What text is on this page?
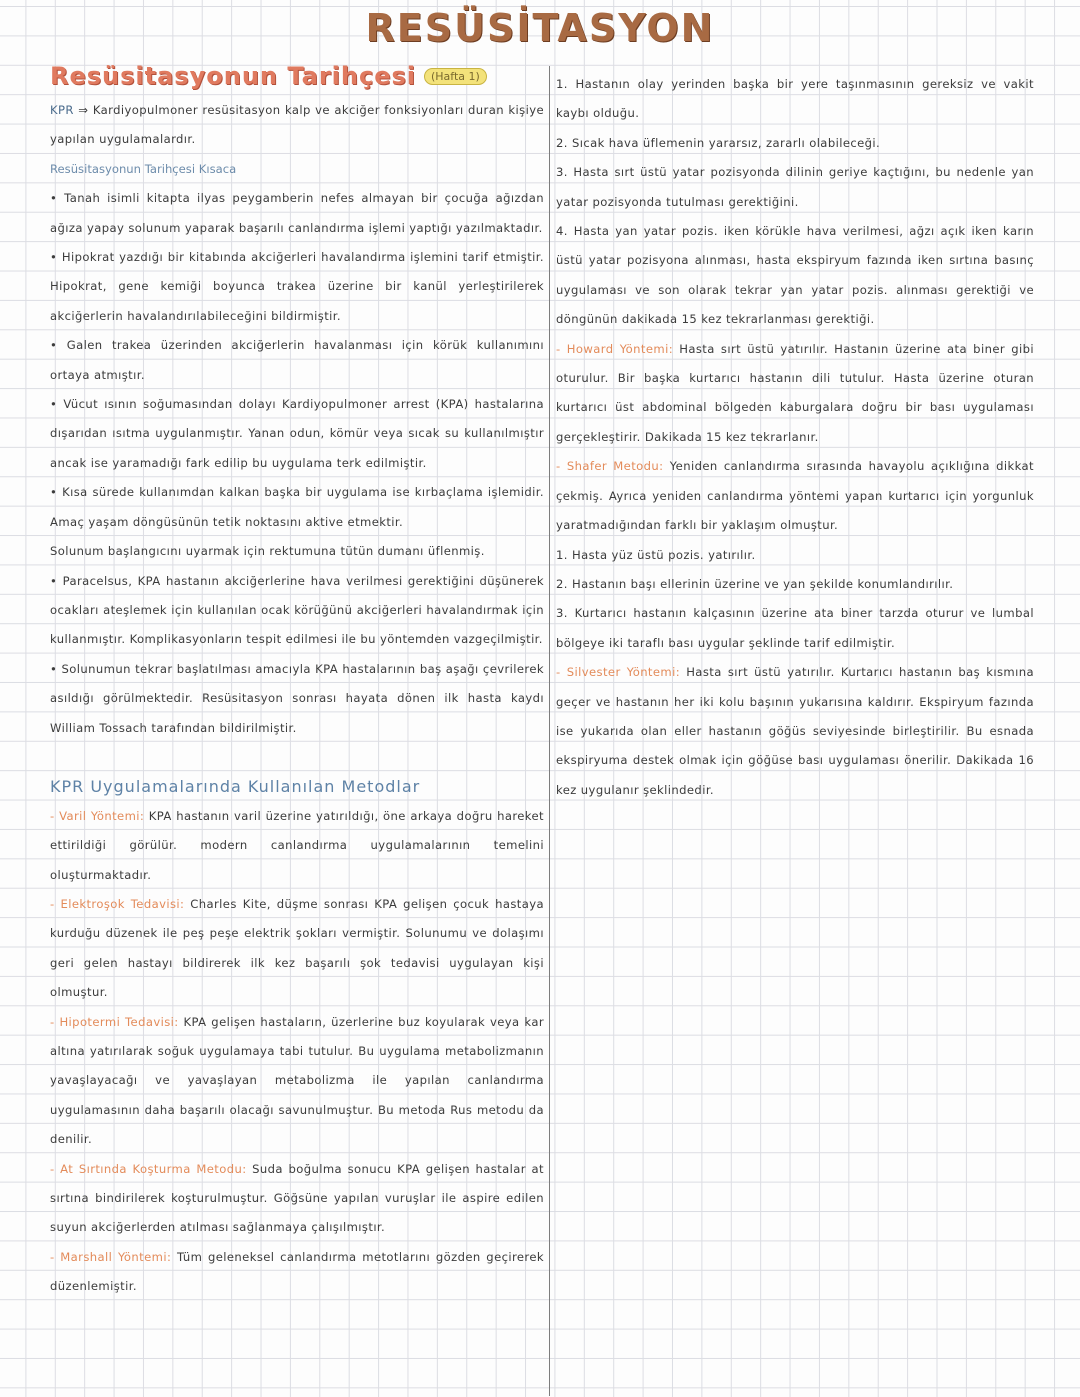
RESÜSİTASYON
Resüsitasyonun Tarihçesi	(Hafta 1)

KPR ⇒ Kardiyopulmoner resüsitasyon kalp ve akciğer fonksiyonları duran kişiye yapılan uygulamalardır.

Resüsitasyonun Tarihçesi Kısaca

• Tanah isimli kitapta ilyas peygamberin nefes almayan bir çocuğa ağızdan ağıza yapay solunum yaparak başarılı canlandırma işlemi yaptığı yazılmaktadır.

• Hipokrat yazdığı bir kitabında akciğerleri havalandırma işlemini tarif etmiştir. Hipokrat, gene kemiği boyunca trakea üzerine bir kanül yerleştirilerek akciğerlerin havalandırılabileceğini bildirmiştir.

• Galen trakea üzerinden akciğerlerin havalanması için körük kullanımını ortaya atmıştır.

• Vücut ısının soğumasından dolayı Kardiyopulmoner arrest (KPA) hastalarına dışarıdan ısıtma uygulanmıştır. Yanan odun, kömür veya sıcak su kullanılmıştır ancak ise yaramadığı fark edilip bu uygulama terk edilmiştir.

• Kısa sürede kullanımdan kalkan başka bir uygulama ise kırbaçlama işlemidir. Amaç yaşam döngüsünün tetik noktasını aktive etmektir.

Solunum başlangıcını uyarmak için rektumuna tütün dumanı üflenmiş.

• Paracelsus, KPA hastanın akciğerlerine hava verilmesi gerektiğini düşünerek ocakları ateşlemek için kullanılan ocak körüğünü akciğerleri havalandırmak için kullanmıştır. Komplikasyonların tespit edilmesi ile bu yöntemden vazgeçilmiştir.

• Solunumun tekrar başlatılması amacıyla KPA hastalarının baş aşağı çevrilerek asıldığı görülmektedir. Resüsitasyon sonrası hayata dönen ilk hasta kaydı William Tossach tarafından bildirilmiştir.

KPR Uygulamalarında Kullanılan Metodlar

- Varil Yöntemi: KPA hastanın varil üzerine yatırıldığı, öne arkaya doğru hareket ettirildiği görülür. modern canlandırma uygulamalarının temelini oluşturmaktadır.

- Elektroşok Tedavisi: Charles Kite, düşme sonrası KPA gelişen çocuk hastaya kurduğu düzenek ile peş peşe elektrik şokları vermiştir. Solunumu ve dolaşımı geri gelen hastayı bildirerek ilk kez başarılı şok tedavisi uygulayan kişi olmuştur.

- Hipotermi Tedavisi: KPA gelişen hastaların, üzerlerine buz koyularak veya kar altına yatırılarak soğuk uygulamaya tabi tutulur. Bu uygulama metabolizmanın yavaşlayacağı ve yavaşlayan metabolizma ile yapılan canlandırma uygulamasının daha başarılı olacağı savunulmuştur. Bu metoda Rus metodu da denilir.

- At Sırtında Koşturma Metodu: Suda boğulma sonucu KPA gelişen hastalar at sırtına bindirilerek koşturulmuştur. Göğsüne yapılan vuruşlar ile aspire edilen suyun akciğerlerden atılması sağlanmaya çalışılmıştır.

- Marshall Yöntemi: Tüm geleneksel canlandırma metotlarını gözden geçirerek düzenlemiştir.

1. Hastanın olay yerinden başka bir yere taşınmasının gereksiz ve vakit kaybı olduğu.

2. Sıcak hava üflemenin yararsız, zararlı olabileceği.

3. Hasta sırt üstü yatar pozisyonda dilinin geriye kaçtığını, bu nedenle yan yatar pozisyonda tutulması gerektiğini.

4. Hasta yan yatar pozis. iken körükle hava verilmesi, ağzı açık iken karın üstü yatar pozisyona alınması, hasta ekspiryum fazında iken sırtına basınç uygulaması ve son olarak tekrar yan yatar pozis. alınması gerektiği ve döngünün dakikada 15 kez tekrarlanması gerektiği.

- Howard Yöntemi: Hasta sırt üstü yatırılır. Hastanın üzerine ata biner gibi oturulur. Bir başka kurtarıcı hastanın dili tutulur. Hasta üzerine oturan kurtarıcı üst abdominal bölgeden kaburgalara doğru bir bası uygulaması gerçekleştirir. Dakikada 15 kez tekrarlanır.

- Shafer Metodu: Yeniden canlandırma sırasında havayolu açıklığına dikkat çekmiş. Ayrıca yeniden canlandırma yöntemi yapan kurtarıcı için yorgunluk yaratmadığından farklı bir yaklaşım olmuştur.

1. Hasta yüz üstü pozis. yatırılır.

2. Hastanın başı ellerinin üzerine ve yan şekilde konumlandırılır.

3. Kurtarıcı hastanın kalçasının üzerine ata biner tarzda oturur ve lumbal bölgeye iki taraflı bası uygular şeklinde tarif edilmiştir.

- Silvester Yöntemi: Hasta sırt üstü yatırılır. Kurtarıcı hastanın baş kısmına geçer ve hastanın her iki kolu başının yukarısına kaldırır. Ekspiryum fazında ise yukarıda olan eller hastanın göğüs seviyesinde birleştirilir. Bu esnada ekspiryuma destek olmak için göğüse bası uygulaması önerilir. Dakikada 16 kez uygulanır şeklindedir.
